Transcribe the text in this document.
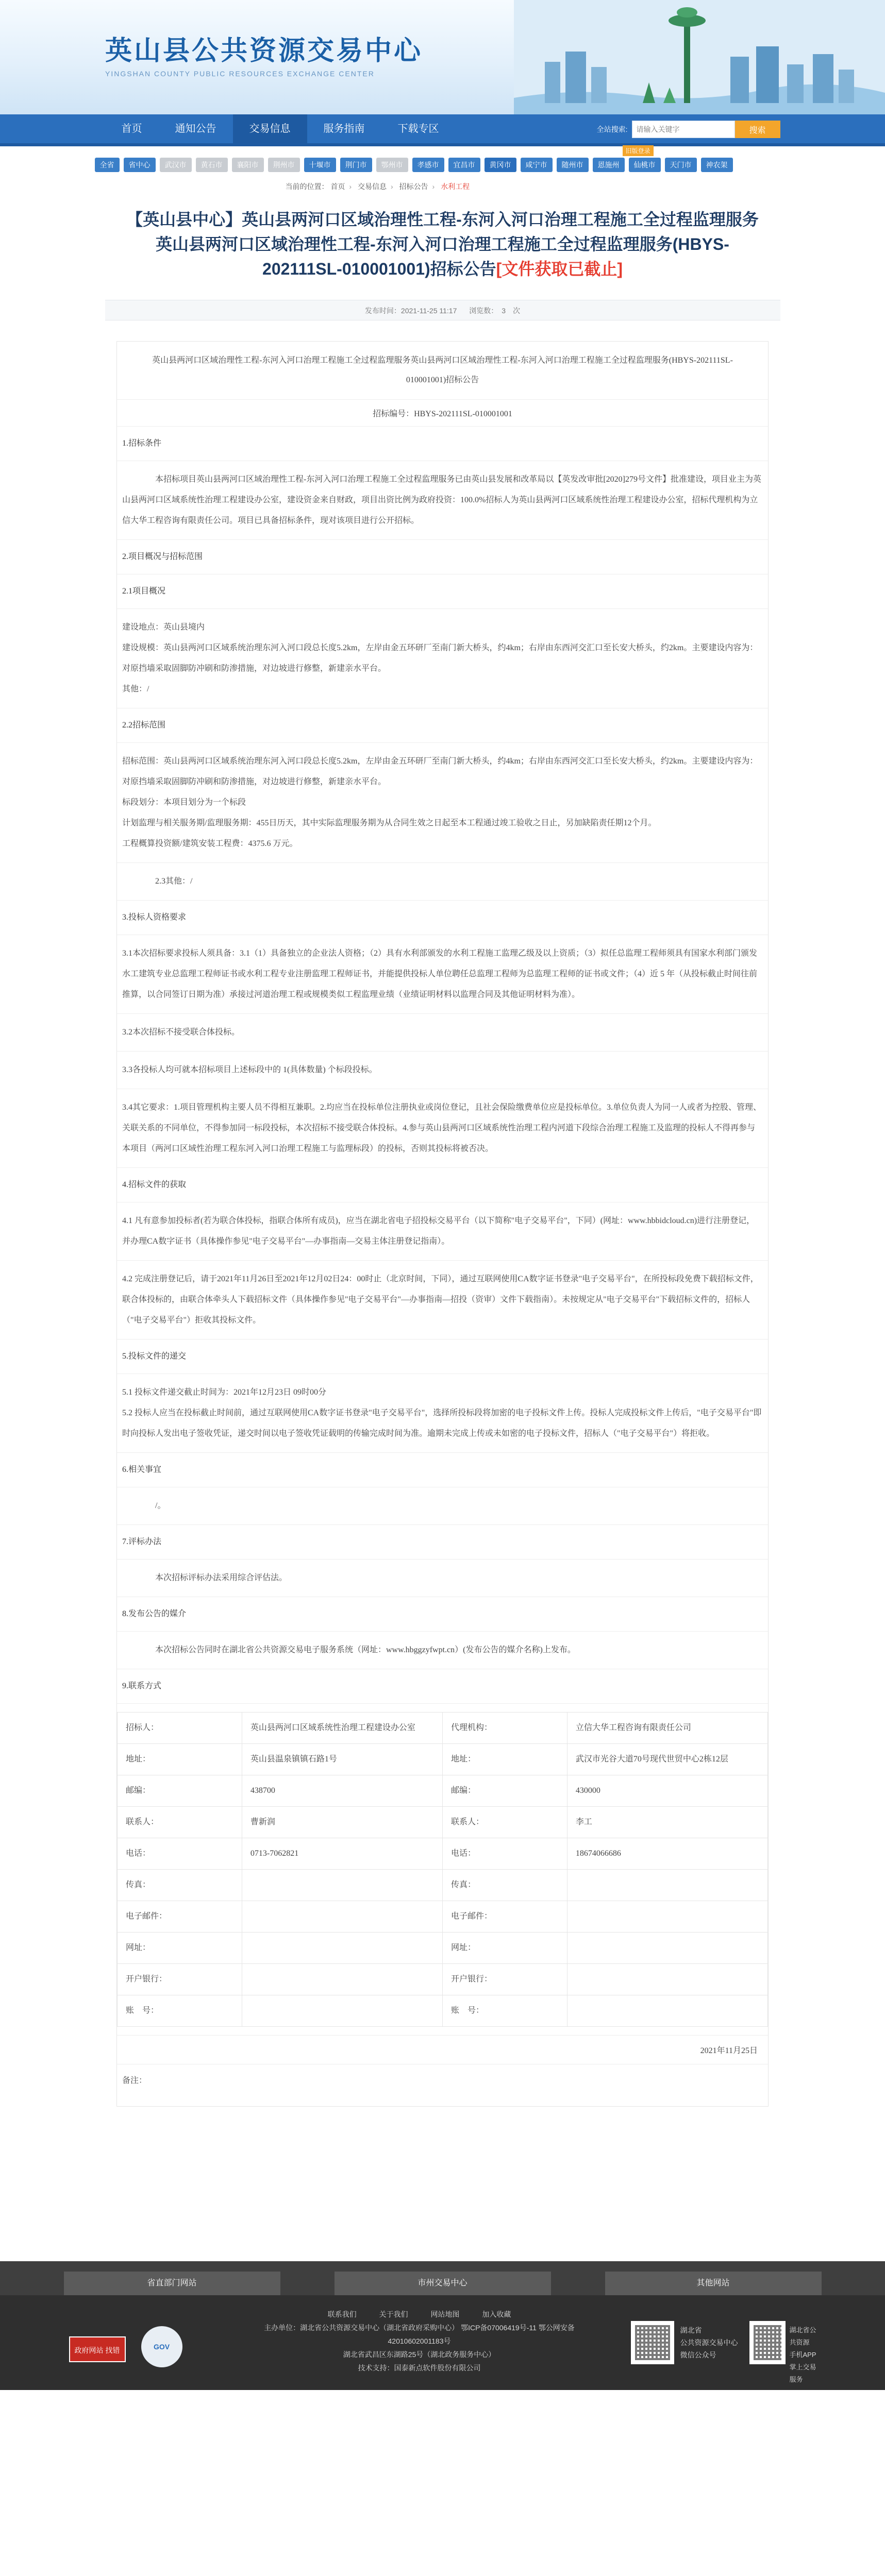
英山县公共资源交易中心
YINGSHAN COUNTY PUBLIC RESOURCES EXCHANGE CENTER
首页	通知公告	交易信息	服务指南	下载专区	全站搜索:
请输入关键字	搜索
旧版登录
全省	省中心	武汉市	黄石市	襄阳市	荆州市	十堰市	荆门市	鄂州市	孝感市	宜昌市	黄冈市	咸宁市	随州市	恩施州	仙桃市	天门市	神农架
当前的位置： 首页 › 交易信息 › 招标公告 › 水利工程
【英山县中心】英山县两河口区域治理性工程-东河入河口治理工程施工全过程监理服务英山县两河口区域治理性工程-东河入河口治理工程施工全过程监理服务(HBYS-202111SL-010001001)招标公告[文件获取已截止]
发布时间：2021-11-25 11:17 浏览数：　3　次
英山县两河口区域治理性工程-东河入河口治理工程施工全过程监理服务英山县两河口区域治理性工程-东河入河口治理工程施工全过程监理服务(HBYS-202111SL-010001001)招标公告
招标编号：HBYS-202111SL-010001001
1.招标条件

本招标项目英山县两河口区域治理性工程-东河入河口治理工程施工全过程监理服务已由英山县发展和改革局以【英发改审批[2020]279号文件】批准建设，项目业主为英山县两河口区域系统性治理工程建设办公室，建设资金来自财政，项目出资比例为政府投资：100.0%招标人为英山县两河口区域系统性治理工程建设办公室，招标代理机构为立信大华工程咨询有限责任公司。项目已具备招标条件，现对该项目进行公开招标。

2.项目概况与招标范围
2.1项目概况

建设地点：英山县境内

建设规模：英山县两河口区域系统治理东河入河口段总长度5.2km，左岸由金五环研厂至南门新大桥头，约4km；右岸由东西河交汇口至长安大桥头，约2km。主要建设内容为：对原挡墙采取固脚防冲刷和防渗措施，对边坡进行修整，新建亲水平台。

其他：/

2.2招标范围

招标范围：英山县两河口区域系统治理东河入河口段总长度5.2km，左岸由金五环研厂至南门新大桥头，约4km；右岸由东西河交汇口至长安大桥头，约2km。主要建设内容为：对原挡墙采取固脚防冲刷和防渗措施，对边坡进行修整，新建亲水平台。

标段划分：本项目划分为一个标段

计划监理与相关服务期/监理服务期：455日历天，其中实际监理服务期为从合同生效之日起至本工程通过竣工验收之日止，另加缺陷责任期12个月。

工程概算投资额/建筑安装工程费：4375.6 万元。

2.3其他：/

3.投标人资格要求

3.1本次招标要求投标人须具备：3.1（1）具备独立的企业法人资格；（2）具有水利部颁发的水利工程施工监理乙级及以上资质；（3）拟任总监理工程师须具有国家水利部门颁发水工建筑专业总监理工程师证书或水利工程专业注册监理工程师证书，并能提供投标人单位聘任总监理工程师为总监理工程师的证书或文件；（4）近 5 年（从投标截止时间往前推算，以合同签订日期为准）承接过河道治理工程或规模类似工程监理业绩（业绩证明材料以监理合同及其他证明材料为准）。

3.2本次招标不接受联合体投标。

3.3各投标人均可就本招标项目上述标段中的 1(具体数量) 个标段投标。

3.4其它要求：1.项目管理机构主要人员不得相互兼职。2.均应当在投标单位注册执业或岗位登记，且社会保险缴费单位应是投标单位。3.单位负责人为同一人或者为控股、管理、关联关系的不同单位，不得参加同一标段投标，本次招标不接受联合体投标。4.参与英山县两河口区域系统性治理工程内河道下段综合治理工程施工及监理的投标人不得再参与本项目（两河口区域性治理工程东河入河口治理工程施工与监理标段）的投标，否则其投标将被否决。

4.招标文件的获取

4.1 凡有意参加投标者(若为联合体投标，指联合体所有成员)，应当在湖北省电子招投标交易平台（以下简称"电子交易平台"，下同）(网址：www.hbbidcloud.cn)进行注册登记，并办理CA数字证书（具体操作参见"电子交易平台"—办事指南—交易主体注册登记指南）。

4.2 完成注册登记后，请于2021年11月26日至2021年12月02日24：00时止（北京时间，下同），通过互联网使用CA数字证书登录"电子交易平台"，在所投标段免费下载招标文件，联合体投标的，由联合体牵头人下载招标文件（具体操作参见"电子交易平台"—办事指南—招投（资审）文件下载指南）。未按规定从"电子交易平台"下载招标文件的，招标人（"电子交易平台"）拒收其投标文件。

5.投标文件的递交

5.1 投标文件递交截止时间为：2021年12月23日 09时00分

5.2 投标人应当在投标截止时间前，通过互联网使用CA数字证书登录"电子交易平台"，选择所投标段将加密的电子投标文件上传。投标人完成投标文件上传后，"电子交易平台"即时向投标人发出电子签收凭证，递交时间以电子签收凭证载明的传输完成时间为准。逾期未完成上传或未如密的电子投标文件，招标人（"电子交易平台"）将拒收。

6.相关事宜

/。

7.评标办法

本次招标评标办法采用综合评估法。

8.发布公告的媒介

本次招标公告同时在湖北省公共资源交易电子服务系统（网址：www.hbggzyfwpt.cn）(发布公告的媒介名称)上发布。

9.联系方式
招标人：	英山县两河口区域系统性治理工程建设办公室	代理机构：	立信大华工程咨询有限责任公司
地址：	英山县温泉镇镇石路1号	地址：	武汉市光谷大道70号现代世贸中心2栋12层
邮编：	438700	邮编：	430000
联系人：	曹新润	联系人：	李工
电话：	0713-7062821	电话：	18674066686
传真：		传真：	
电子邮件：		电子邮件：	
网址：		网址：	
开户银行：		开户银行：	
账　号：		账　号：	
2021年11月25日
备注：
省直部门网站	市州交易中心	其他网站
政府网站 找错	GOV
联系我们	关于我们	网站地图	加入收藏
主办单位：湖北省公共资源交易中心（湖北省政府采购中心） 鄂ICP备07006419号-11 鄂公网安备 42010602001183号
湖北省武昌区东湖路25号（湖北政务服务中心）
技术支持：国泰新点软件股份有限公司
湖北省
公共资源交易中心
微信公众号
湖北省公共资源
手机APP
掌上交易服务
